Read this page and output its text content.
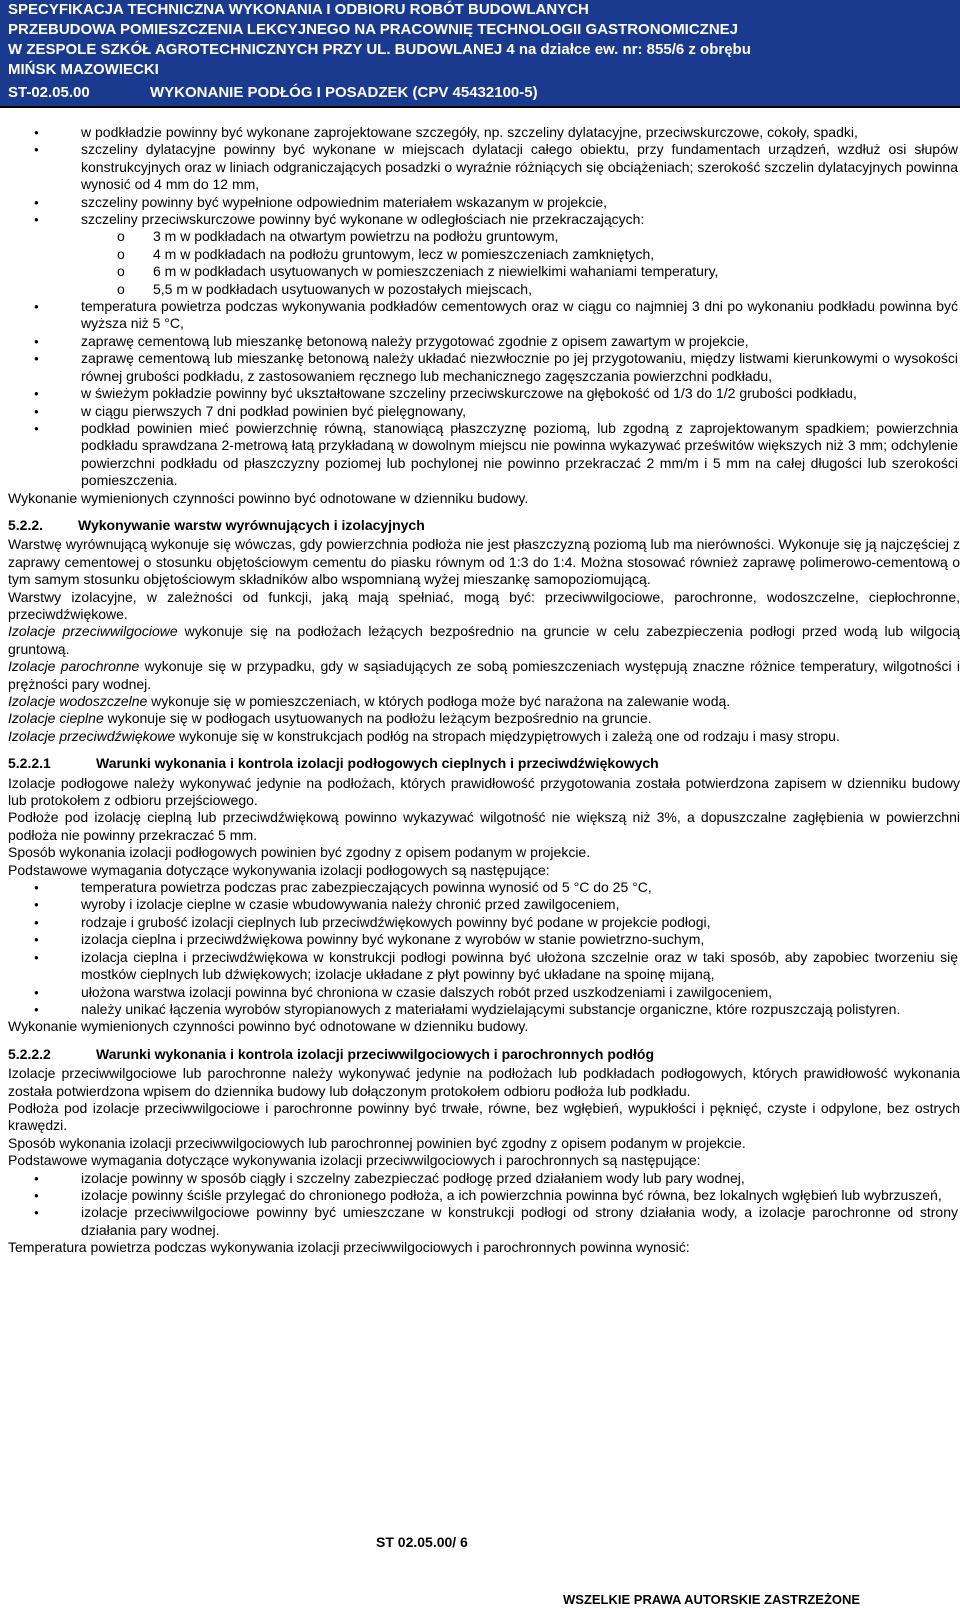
SPECYFIKACJA TECHNICZNA WYKONANIA I ODBIORU ROBÓT BUDOWLANYCH
PRZEBUDOWA POMIESZCZENIA LEKCYJNEGO NA PRACOWNIĘ TECHNOLOGII GASTRONOMICZNEJ
W ZESPOLE SZKÓŁ AGROTECHNICZNYCH PRZY UL. BUDOWLANEJ 4 na działce ew. nr: 855/6 z obrębu
MIŃSK MAZOWIECKI
ST-02.05.00	WYKONANIE PODŁÓG I POSADZEK (CPV 45432100-5)
● w podkładzie powinny być wykonane zaprojektowane szczegóły, np. szczeliny dylatacyjne, przeciwskurczowe, cokoły, spadki,
● szczeliny dylatacyjne powinny być wykonane w miejscach dylatacji całego obiektu, przy fundamentach urządzeń, wzdłuż osi słupów konstrukcyjnych oraz w liniach odgraniczających posadzki o wyraźnie różniących się obciążeniach; szerokość szczelin dylatacyjnych powinna wynosić od 4 mm do 12 mm,
● szczeliny powinny być wypełnione odpowiednim materiałem wskazanym w projekcie,
● szczeliny przeciwskurczowe powinny być wykonane w odległościach nie przekraczających:
o 3 m w podkładach na otwartym powietrzu na podłożu gruntowym,
o 4 m w podkładach na podłożu gruntowym, lecz w pomieszczeniach zamkniętych,
o 6 m w podkładach usytuowanych w pomieszczeniach z niewielkimi wahaniami temperatury,
o 5,5 m w podkładach usytuowanych w pozostałych miejscach,
● temperatura powietrza podczas wykonywania podkładów cementowych oraz w ciągu co najmniej 3 dni po wykonaniu podkładu powinna być wyższa niż 5 °C,
● zaprawę cementową lub mieszankę betonową należy przygotować zgodnie z opisem zawartym w projekcie,
● zaprawę cementową lub mieszankę betonową należy układać niezwłocznie po jej przygotowaniu, między listwami kierunkowymi o wysokości równej grubości podkładu, z zastosowaniem ręcznego lub mechanicznego zagęszczania powierzchni podkładu,
● w świeżym pokładzie powinny być ukształtowane szczeliny przeciwskurczowe na głębokość od 1/3 do 1/2 grubości podkładu,
● w ciągu pierwszych 7 dni podkład powinien być pielęgnowany,
● podkład powinien mieć powierzchnię równą, stanowiącą płaszczyznę poziomą, lub zgodną z zaprojektowanym spadkiem; powierzchnia podkładu sprawdzana 2-metrową łatą przykładaną w dowolnym miejscu nie powinna wykazywać prześwitów większych niż 3 mm; odchylenie powierzchni podkładu od płaszczyzny poziomej lub pochylonej nie powinno przekraczać 2 mm/m i 5 mm na całej długości lub szerokości pomieszczenia.

Wykonanie wymienionych czynności powinno być odnotowane w dzienniku budowy.

5.2.2. Wykonywanie warstw wyrównujących i izolacyjnych

Warstwę wyrównującą wykonuje się wówczas, gdy powierzchnia podłoża nie jest płaszczyzną poziomą lub ma nierówności. Wykonuje się ją najczęściej z zaprawy cementowej o stosunku objętościowym cementu do piasku równym od 1:3 do 1:4. Można stosować również zaprawę polimerowo-cementową o tym samym stosunku objętościowym składników albo wspomnianą wyżej mieszankę samopoziomującą.

Warstwy izolacyjne, w zależności od funkcji, jaką mają spełniać, mogą być: przeciwwilgociowe, parochronne, wodoszczelne, ciepłochronne, przeciwdźwiękowe.

Izolacje przeciwwilgociowe wykonuje się na podłożach leżących bezpośrednio na gruncie w celu zabezpieczenia podłogi przed wodą lub wilgocią gruntową.

Izolacje parochronne wykonuje się w przypadku, gdy w sąsiadujących ze sobą pomieszczeniach występują znaczne różnice temperatury, wilgotności i prężności pary wodnej.

Izolacje wodoszczelne wykonuje się w pomieszczeniach, w których podłoga może być narażona na zalewanie wodą.

Izolacje cieplne wykonuje się w podłogach usytuowanych na podłożu leżącym bezpośrednio na gruncie.

Izolacje przeciwdźwiękowe wykonuje się w konstrukcjach podłóg na stropach międzypiętrowych i zależą one od rodzaju i masy stropu.

5.2.2.1	Warunki wykonania i kontrola izolacji podłogowych cieplnych i przeciwdźwiękowych

Izolacje podłogowe należy wykonywać jedynie na podłożach, których prawidłowość przygotowania została potwierdzona zapisem w dzienniku budowy lub protokołem z odbioru przejściowego.

Podłoże pod izolację cieplną lub przeciwdźwiękową powinno wykazywać wilgotność nie większą niż 3%, a dopuszczalne zagłębienia w powierzchni podłoża nie powinny przekraczać 5 mm.

Sposób wykonania izolacji podłogowych powinien być zgodny z opisem podanym w projekcie.

Podstawowe wymagania dotyczące wykonywania izolacji podłogowych są następujące:

● temperatura powietrza podczas prac zabezpieczających powinna wynosić od 5 °C do 25 °C,
● wyroby i izolacje cieplne w czasie wbudowywania należy chronić przed zawilgoceniem,
● rodzaje i grubość izolacji cieplnych lub przeciwdźwiękowych powinny być podane w projekcie podłogi,
● izolacja cieplna i przeciwdźwiękowa powinny być wykonane z wyrobów w stanie powietrzno-suchym,
● izolacja cieplna i przeciwdźwiękowa w konstrukcji podłogi powinna być ułożona szczelnie oraz w taki sposób, aby zapobiec tworzeniu się mostków cieplnych lub dźwiękowych; izolacje układane z płyt powinny być układane na spoinę mijaną,
● ułożona warstwa izolacji powinna być chroniona w czasie dalszych robót przed uszkodzeniami i zawilgoceniem,
● należy unikać łączenia wyrobów styropianowych z materiałami wydzielającymi substancje organiczne, które rozpuszczają polistyren.

Wykonanie wymienionych czynności powinno być odnotowane w dzienniku budowy.

5.2.2.2	Warunki wykonania i kontrola izolacji przeciwwilgociowych i parochronnych podłóg

Izolacje przeciwwilgociowe lub parochronne należy wykonywać jedynie na podłożach lub podkładach podłogowych, których prawidłowość wykonania została potwierdzona wpisem do dziennika budowy lub dołączonym protokołem odbioru podłoża lub podkładu.

Podłoża pod izolacje przeciwwilgociowe i parochronne powinny być trwałe, równe, bez wgłębień, wypukłości i pęknięć, czyste i odpylone, bez ostrych krawędzi.

Sposób wykonania izolacji przeciwwilgociowych lub parochronnej powinien być zgodny z opisem podanym w projekcie.

Podstawowe wymagania dotyczące wykonywania izolacji przeciwwilgociowych i parochronnych są następujące:

● izolacje powinny w sposób ciągły i szczelny zabezpieczać podłogę przed działaniem wody lub pary wodnej,
● izolacje powinny ściśle przylegać do chronionego podłoża, a ich powierzchnia powinna być równa, bez lokalnych wgłębień lub wybrzuszeń,
● izolacje przeciwwilgociowe powinny być umieszczane w konstrukcji podłogi od strony działania wody, a izolacje parochronne od strony działania pary wodnej.

Temperatura powietrza podczas wykonywania izolacji przeciwwilgociowych i parochronnych powinna wynosić:

ST 02.05.00/ 6
WSZELKIE PRAWA AUTORSKIE ZASTRZEŻONE
